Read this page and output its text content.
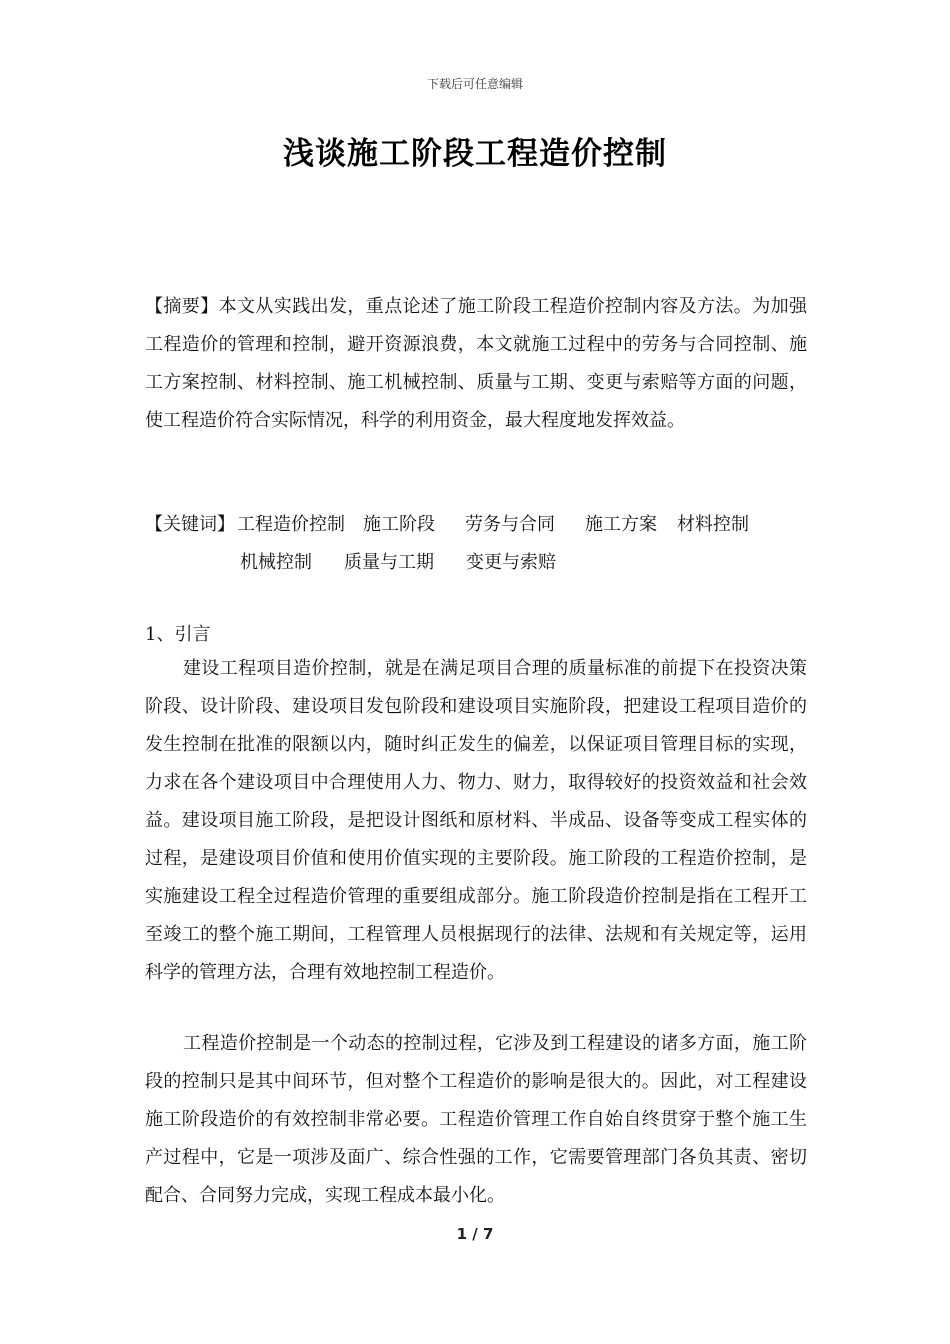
下载后可任意编辑
浅谈施工阶段工程造价控制
【摘要】本文从实践出发，重点论述了施工阶段工程造价控制内容及方法。为加强工程造价的管理和控制，避开资源浪费，本文就施工过程中的劳务与合同控制、施工方案控制、材料控制、施工机械控制、质量与工期、变更与索赔等方面的问题，使工程造价符合实际情况，科学的利用资金，最大程度地发挥效益。
【关键词】 工程造价控制 施工阶段 劳务与合同 施工方案 材料控制
机械控制 质量与工期 变更与索赔
1、引言
建设工程项目造价控制，就是在满足项目合理的质量标准的前提下在投资决策阶段、设计阶段、建设项目发包阶段和建设项目实施阶段，把建设工程项目造价的发生控制在批准的限额以内，随时纠正发生的偏差，以保证项目管理目标的实现，力求在各个建设项目中合理使用人力、物力、财力，取得较好的投资效益和社会效益。建设项目施工阶段，是把设计图纸和原材料、半成品、设备等变成工程实体的过程，是建设项目价值和使用价值实现的主要阶段。施工阶段的工程造价控制，是实施建设工程全过程造价管理的重要组成部分。施工阶段造价控制是指在工程开工至竣工的整个施工期间，工程管理人员根据现行的法律、法规和有关规定等，运用科学的管理方法，合理有效地控制工程造价。
工程造价控制是一个动态的控制过程，它涉及到工程建设的诸多方面，施工阶段的控制只是其中间环节，但对整个工程造价的影响是很大的。因此，对工程建设施工阶段造价的有效控制非常必要。工程造价管理工作自始自终贯穿于整个施工生产过程中，它是一项涉及面广、综合性强的工作，它需要管理部门各负其责、密切配合、合同努力完成，实现工程成本最小化。
1 / 7
